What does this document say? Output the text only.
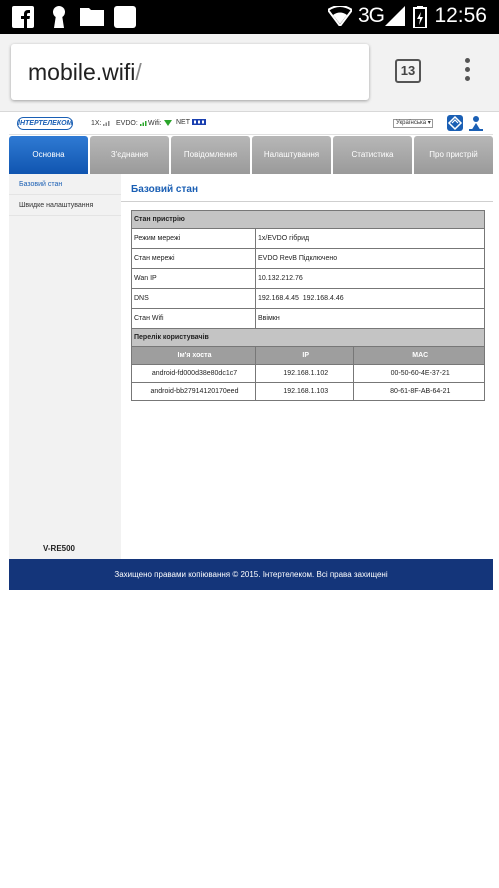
3G 12:56
mobile.wifi/	13
ІНТЕРТЕЛЕКОМ	1X:	EVDO:	Wifi:	NET	Українська ▾
Основна	З'єднання	Повідомлення	Налаштування	Статистика	Про пристрій
Базовий стан
Швидке налаштування
V-RE500
Базовий стан
Стан пристрію		
Режим мережі	1x/EVDO гібрид	
Стан мережі	EVDO RevB Підключено	
Wan IP	10.132.212.76	
DNS	192.168.4.45  192.168.4.46	
Стан Wifi	Ввімкн	
Перелік користувачів		
Ім'я хоста	IP	MAC
android-fd000d38e80dc1c7	192.168.1.102	00-50-60-4E-37-21
android-bb27914120170eed	192.168.1.103	80-61-8F-AB-64-21
Захищено правами копіювання © 2015. Інтертелеком. Всі права захищені
